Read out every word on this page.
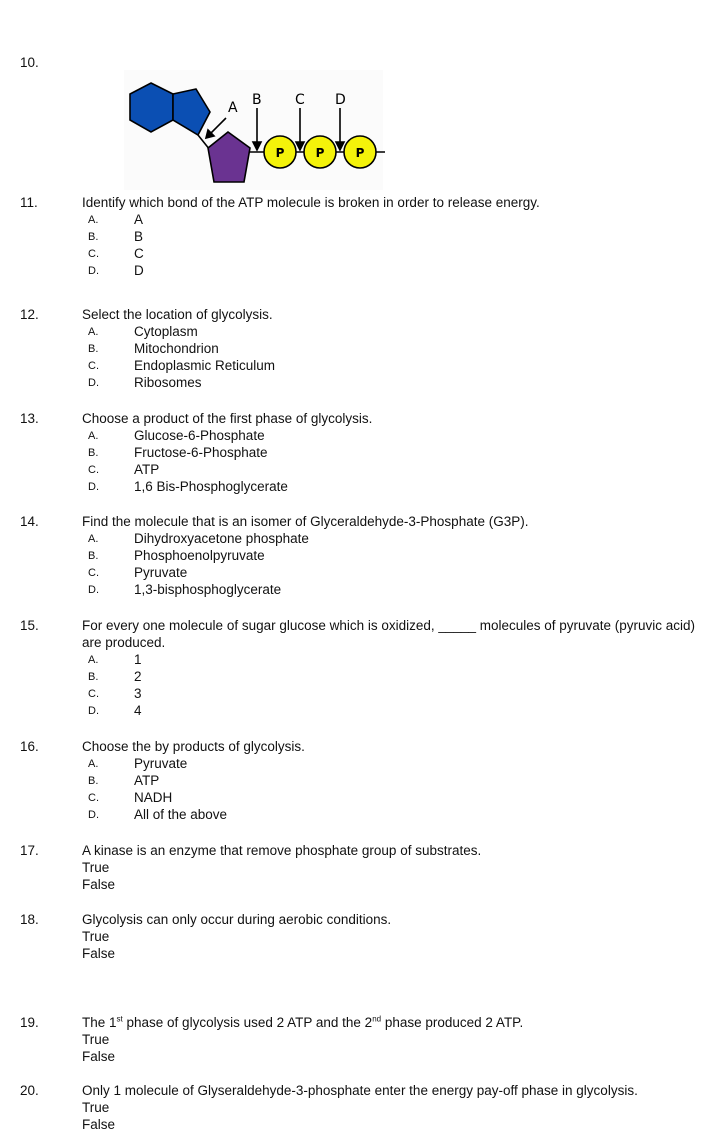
10.
P	P	P
A B C D
11.	Identify which bond of the ATP molecule is broken in order to release energy.
A.	A
B.	B
C.	C
D.	D
12.	Select the location of glycolysis.
A.	Cytoplasm
B.	Mitochondrion
C.	Endoplasmic Reticulum
D.	Ribosomes
13.	Choose a product of the first phase of glycolysis.
A.	Glucose-6-Phosphate
B.	Fructose-6-Phosphate
C.	ATP
D.	1,6 Bis-Phosphoglycerate
14.	Find the molecule that is an isomer of Glyceraldehyde-3-Phosphate (G3P).
A.	Dihydroxyacetone phosphate
B.	Phosphoenolpyruvate
C.	Pyruvate
D.	1,3-bisphosphoglycerate
15.	For every one molecule of sugar glucose which is oxidized, _____ molecules of pyruvate (pyruvic acid) are produced.
A.	1
B.	2
C.	3
D.	4
16.	Choose the by products of glycolysis.
A.	Pyruvate
B.	ATP
C.	NADH
D.	All of the above
17.	A kinase is an enzyme that remove phosphate group of substrates.
True
False
18.	Glycolysis can only occur during aerobic conditions.
True
False
19.	The 1st phase of glycolysis used 2 ATP and the 2nd phase produced 2 ATP.
True
False
20.	Only 1 molecule of Glyseraldehyde-3-phosphate enter the energy pay-off phase in glycolysis.
True
False
